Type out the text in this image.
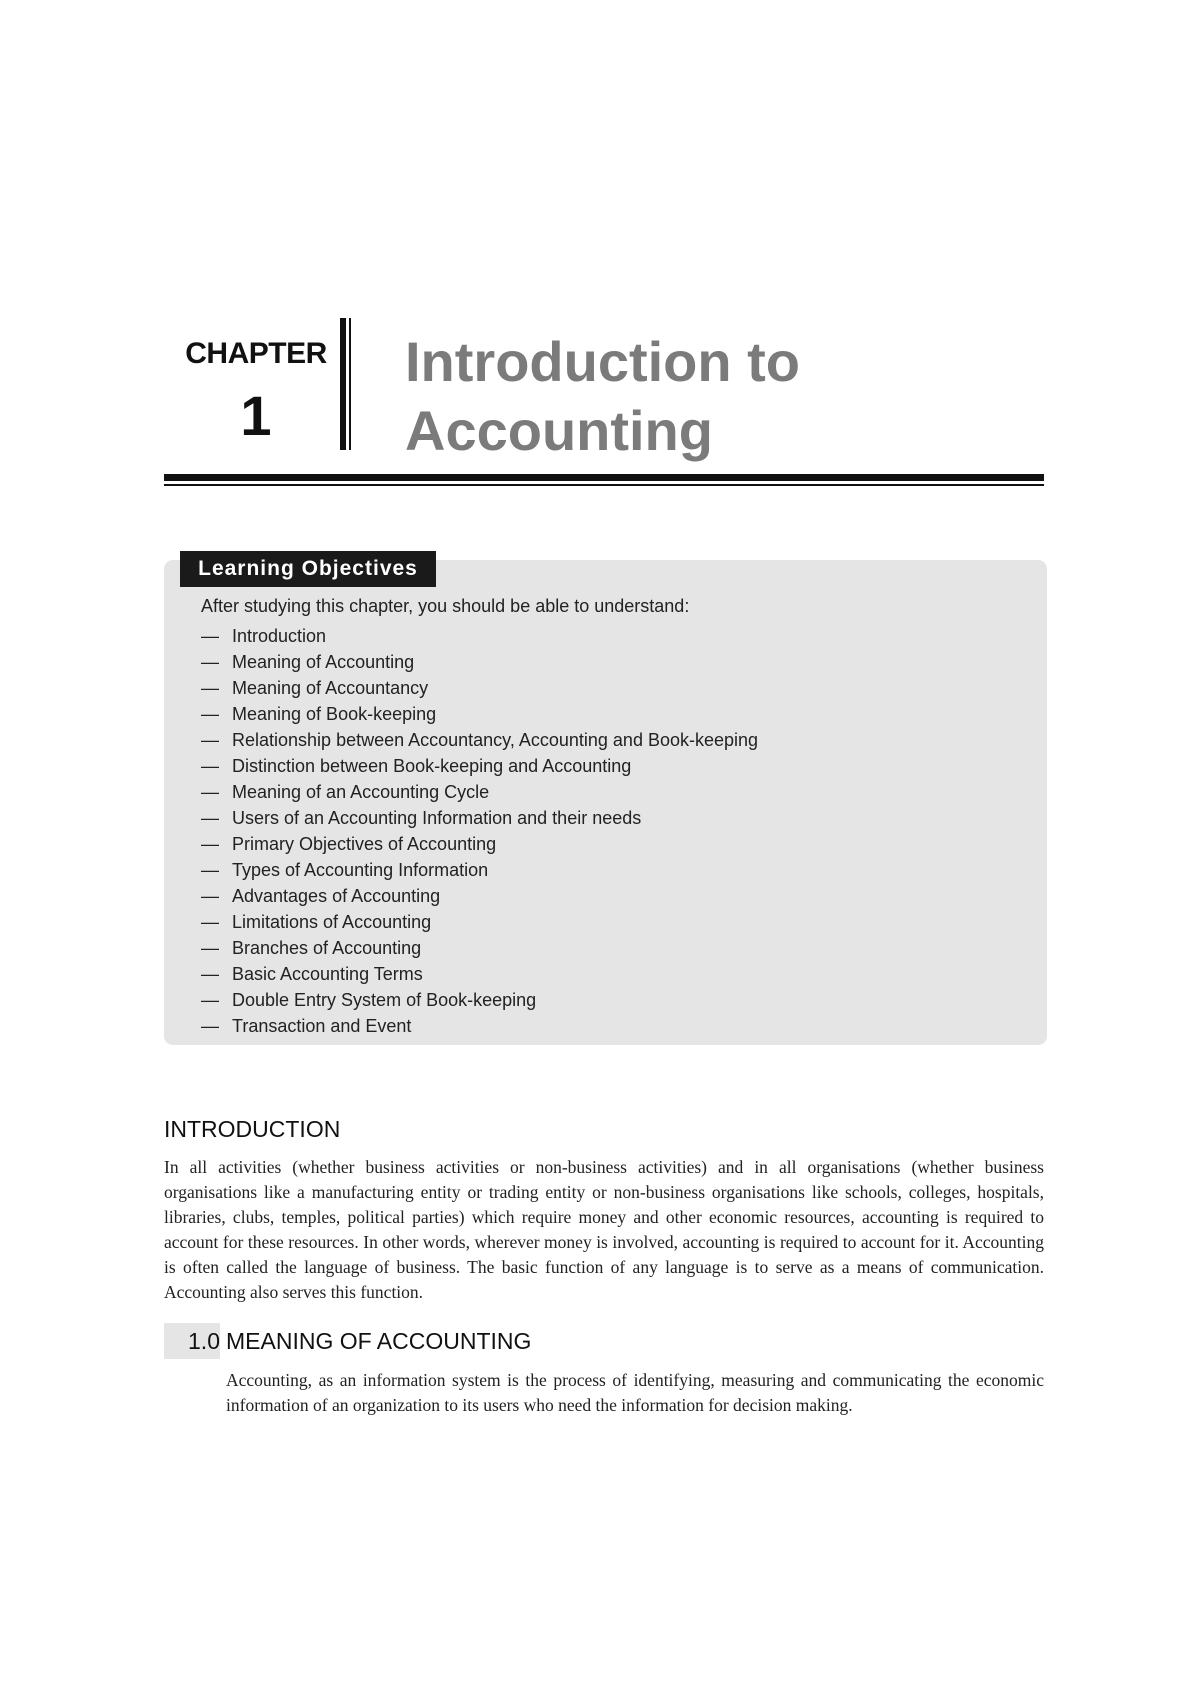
CHAPTER
1
Introduction to Accounting
Learning Objectives
After studying this chapter, you should be able to understand:
— Introduction
— Meaning of Accounting
— Meaning of Accountancy
— Meaning of Book-keeping
— Relationship between Accountancy, Accounting and Book-keeping
— Distinction between Book-keeping and Accounting
— Meaning of an Accounting Cycle
— Users of an Accounting Information and their needs
— Primary Objectives of Accounting
— Types of Accounting Information
— Advantages of Accounting
— Limitations of Accounting
— Branches of Accounting
— Basic Accounting Terms
— Double Entry System of Book-keeping
— Transaction and Event
INTRODUCTION

In all activities (whether business activities or non-business activities) and in all organisations (whether business organisations like a manufacturing entity or trading entity or non-business organisations like schools, colleges, hospitals, libraries, clubs, temples, political parties) which require money and other economic resources, accounting is required to account for these resources. In other words, wherever money is involved, accounting is required to account for it. Accounting is often called the language of business. The basic function of any language is to serve as a means of communication. Accounting also serves this function.

1.0 MEANING OF ACCOUNTING

Accounting, as an information system is the process of identifying, measuring and communicating the economic information of an organization to its users who need the information for decision making.
